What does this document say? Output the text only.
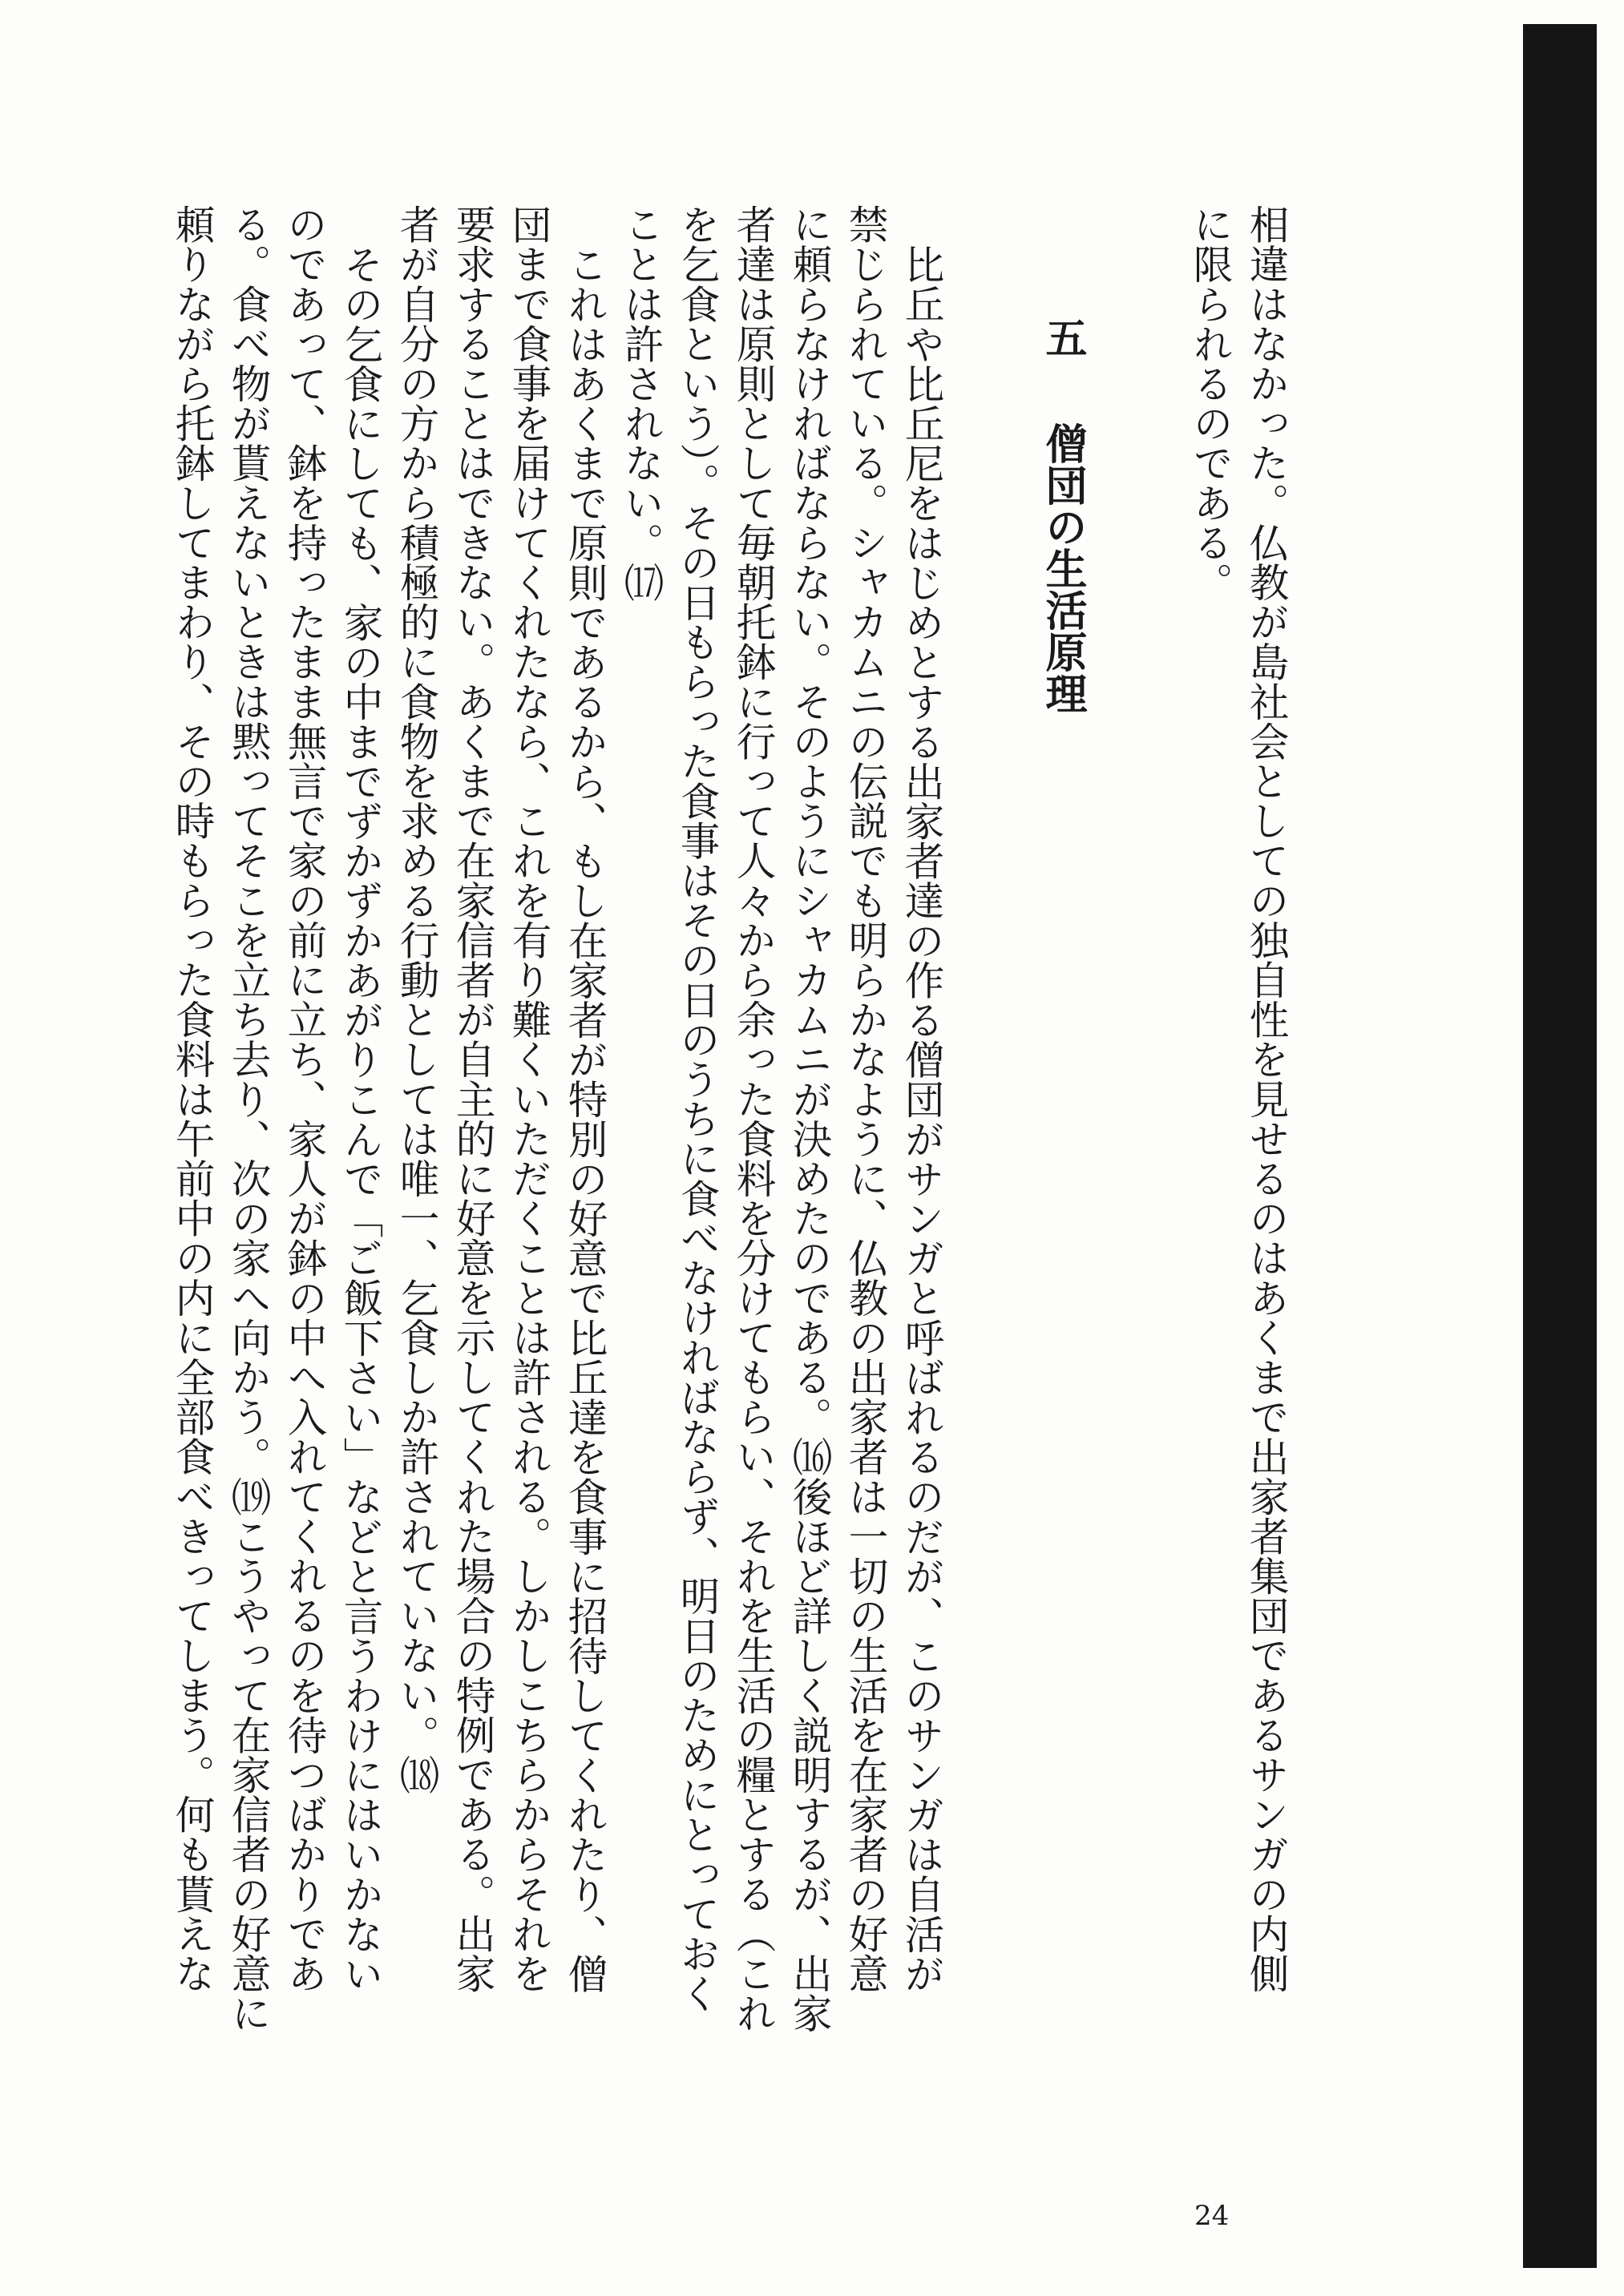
相違はなかった。仏教が島社会としての独自性を見せるのはあくまで出家者集団であるサンガの内側
に限られるのである。
五僧団の生活原理
比丘や比丘尼をはじめとする出家者達の作る僧団がサンガと呼ばれるのだが、このサンガは自活が
禁じられている。シャカムニの伝説でも明らかなように、仏教の出家者は一切の生活を在家者の好意
に頼らなければならない。そのようにシャカムニが決めたのである。⒃後ほど詳しく説明するが、出家
者達は原則として毎朝托鉢に行って人々から余った食料を分けてもらい、それを生活の糧とする（これ
を乞食という）。その日もらった食事はその日のうちに食べなければならず、明日のためにとっておく
ことは許されない。⒄
これはあくまで原則であるから、もし在家者が特別の好意で比丘達を食事に招待してくれたり、僧
団まで食事を届けてくれたなら、これを有り難くいただくことは許される。しかしこちらからそれを
要求することはできない。あくまで在家信者が自主的に好意を示してくれた場合の特例である。出家
者が自分の方から積極的に食物を求める行動としては唯一、乞食しか許されていない。⒅
その乞食にしても、家の中までずかずかあがりこんで「ご飯下さい」などと言うわけにはいかない
のであって、鉢を持ったまま無言で家の前に立ち、家人が鉢の中へ入れてくれるのを待つばかりであ
る。食べ物が貰えないときは黙ってそこを立ち去り、次の家へ向かう。⒆こうやって在家信者の好意に
頼りながら托鉢してまわり、その時もらった食料は午前中の内に全部食べきってしまう。何も貰えな
24
